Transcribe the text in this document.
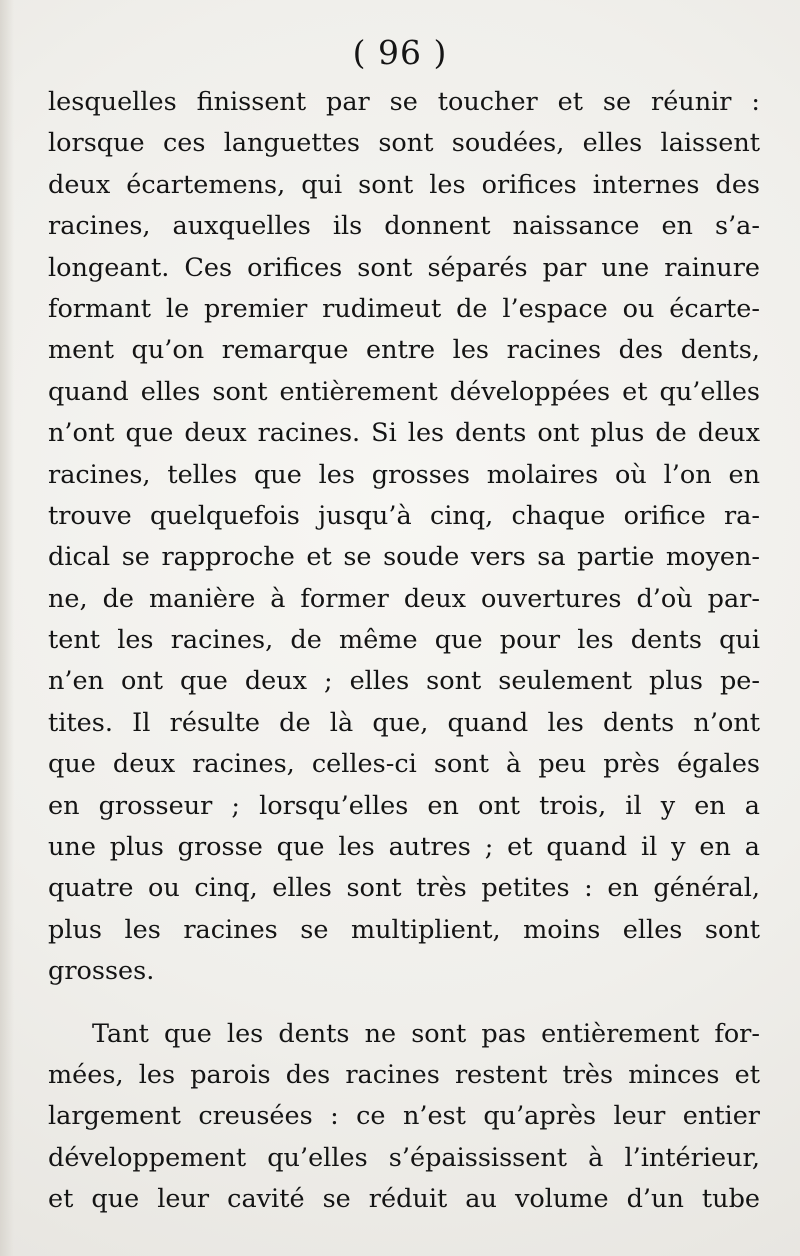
( 96 )
lesquelles finissent par se toucher et se réunir :
lorsque ces languettes sont soudées, elles laissent
deux écartemens, qui sont les orifices internes des
racines, auxquelles ils donnent naissance en s’a-
longeant. Ces orifices sont séparés par une rainure
formant le premier rudimeut de l’espace ou écarte-
ment qu’on remarque entre les racines des dents,
quand elles sont entièrement développées et qu’elles
n’ont que deux racines. Si les dents ont plus de deux
racines, telles que les grosses molaires où l’on en
trouve quelquefois jusqu’à cinq, chaque orifice ra-
dical se rapproche et se soude vers sa partie moyen-
ne, de manière à former deux ouvertures d’où par-
tent les racines, de même que pour les dents qui
n’en ont que deux ; elles sont seulement plus pe-
tites. Il résulte de là que, quand les dents n’ont
que deux racines, celles-ci sont à peu près égales
en grosseur ; lorsqu’elles en ont trois, il y en a
une plus grosse que les autres ; et quand il y en a
quatre ou cinq, elles sont très petites : en général,
plus les racines se multiplient, moins elles sont
grosses.
Tant que les dents ne sont pas entièrement for-
mées, les parois des racines restent très minces et
largement creusées : ce n’est qu’après leur entier
développement qu’elles s’épaississent à l’intérieur,
et que leur cavité se réduit au volume d’un tube
